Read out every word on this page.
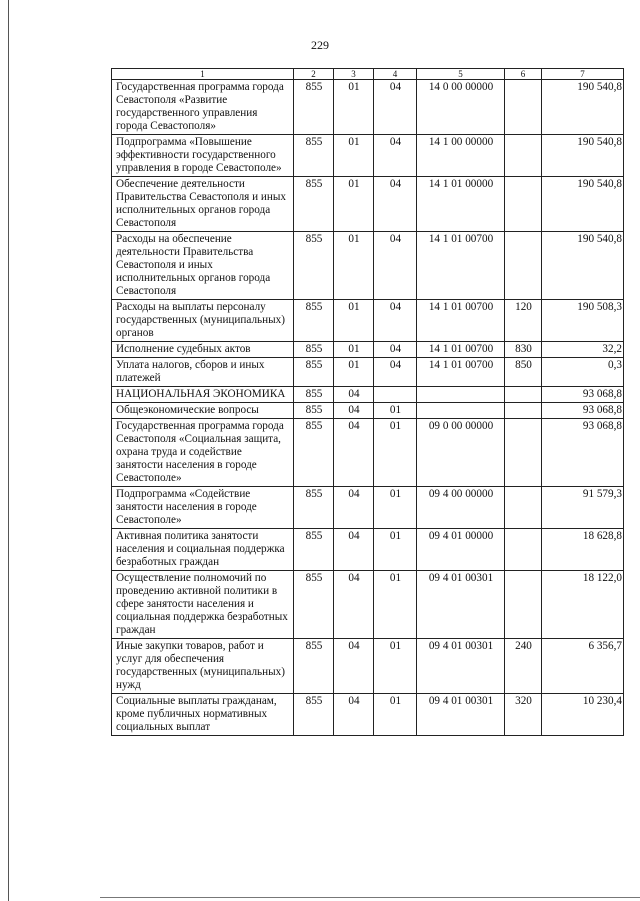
229
1	2	3	4	5	6	7
Государственная программа города Севастополя «Развитие государственного управления города Севастополя»	855	01	04	14 0 00 00000		190 540,8
Подпрограмма «Повышение эффективности государственного управления в городе Севастополе»	855	01	04	14 1 00 00000		190 540,8
Обеспечение деятельности Правительства Севастополя и иных исполнительных органов города Севастополя	855	01	04	14 1 01 00000		190 540,8
Расходы на обеспечение деятельности Правительства Севастополя и иных исполнительных органов города Севастополя	855	01	04	14 1 01 00700		190 540,8
Расходы на выплаты персоналу государственных (муниципальных) органов	855	01	04	14 1 01 00700	120	190 508,3
Исполнение судебных актов	855	01	04	14 1 01 00700	830	32,2
Уплата налогов, сборов и иных платежей	855	01	04	14 1 01 00700	850	0,3
НАЦИОНАЛЬНАЯ ЭКОНОМИКА	855	04				93 068,8
Общеэкономические вопросы	855	04	01			93 068,8
Государственная программа города Севастополя «Социальная защита, охрана труда и содействие занятости населения в городе Севастополе»	855	04	01	09 0 00 00000		93 068,8
Подпрограмма «Содействие занятости населения в городе Севастополе»	855	04	01	09 4 00 00000		91 579,3
Активная политика занятости населения и социальная поддержка безработных граждан	855	04	01	09 4 01 00000		18 628,8
Осуществление полномочий по проведению активной политики в сфере занятости населения и социальная поддержка безработных граждан	855	04	01	09 4 01 00301		18 122,0
Иные закупки товаров, работ и услуг для обеспечения государственных (муниципальных) нужд	855	04	01	09 4 01 00301	240	6 356,7
Социальные выплаты гражданам, кроме публичных нормативных социальных выплат	855	04	01	09 4 01 00301	320	10 230,4
